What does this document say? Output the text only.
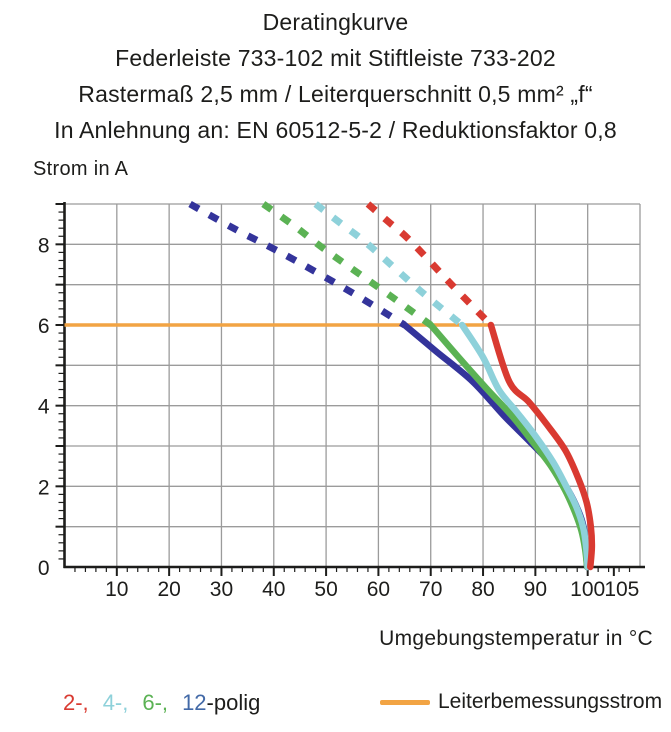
Deratingkurve
Federleiste 733-102 mit Stiftleiste 733-202
Rastermaß 2,5 mm / Leiterquerschnitt 0,5 mm² „f“
In Anlehnung an: EN 60512-5-2 / Reduktionsfaktor 0,8
Strom in A
10 20 30 40 50 60 70 80 90 100 105
0
2
4
6
8
Umgebungstemperatur in °C
2-, 4-, 6-, 12 -polig	Leiterbemessungsstrom
